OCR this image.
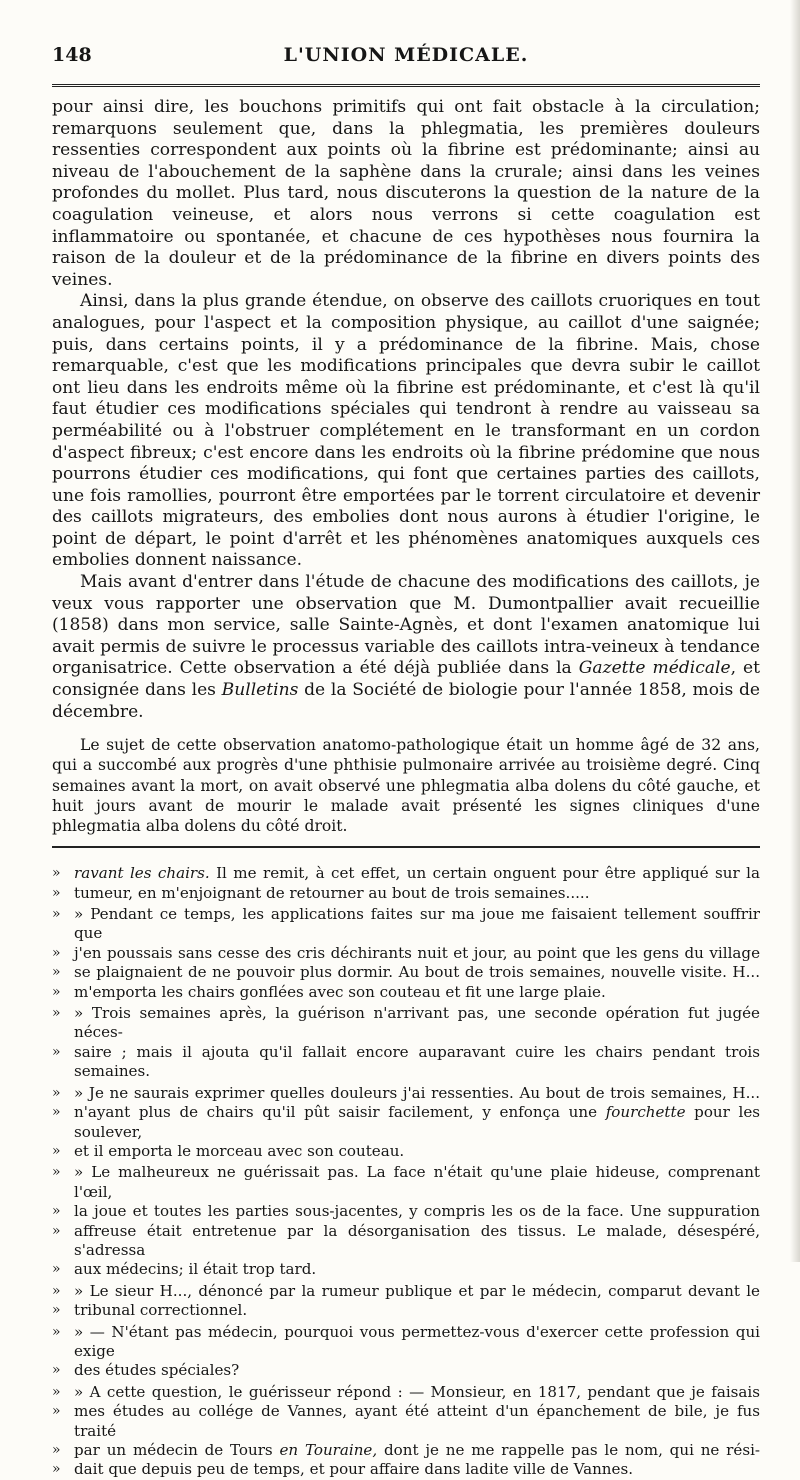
148	L'UNION MÉDICALE.

pour ainsi dire, les bouchons primitifs qui ont fait obstacle à la circulation; remarquons seulement que, dans la phlegmatia, les premières douleurs ressenties correspondent aux points où la fibrine est prédominante; ainsi au niveau de l'abouchement de la saphène dans la crurale; ainsi dans les veines profondes du mollet. Plus tard, nous discuterons la question de la nature de la coagulation veineuse, et alors nous verrons si cette coagulation est inflammatoire ou spontanée, et chacune de ces hypothèses nous fournira la raison de la douleur et de la prédominance de la fibrine en divers points des veines.

Ainsi, dans la plus grande étendue, on observe des caillots cruoriques en tout analogues, pour l'aspect et la composition physique, au caillot d'une saignée; puis, dans certains points, il y a prédominance de la fibrine. Mais, chose remarquable, c'est que les modifications principales que devra subir le caillot ont lieu dans les endroits même où la fibrine est prédominante, et c'est là qu'il faut étudier ces modifications spéciales qui tendront à rendre au vaisseau sa perméabilité ou à l'obstruer complétement en le transformant en un cordon d'aspect fibreux; c'est encore dans les endroits où la fibrine prédomine que nous pourrons étudier ces modifications, qui font que certaines parties des caillots, une fois ramollies, pourront être emportées par le torrent circulatoire et devenir des caillots migrateurs, des embolies dont nous aurons à étudier l'origine, le point de départ, le point d'arrêt et les phénomènes anatomiques auxquels ces embolies donnent naissance.

Mais avant d'entrer dans l'étude de chacune des modifications des caillots, je veux vous rapporter une observation que M. Dumontpallier avait recueillie (1858) dans mon service, salle Sainte-Agnès, et dont l'examen anatomique lui avait permis de suivre le processus variable des caillots intra-veineux à tendance organisatrice. Cette observation a été déjà publiée dans la Gazette médicale, et consignée dans les Bulletins de la Société de biologie pour l'année 1858, mois de décembre.

Le sujet de cette observation anatomo-pathologique était un homme âgé de 32 ans, qui a succombé aux progrès d'une phthisie pulmonaire arrivée au troisième degré. Cinq semaines avant la mort, on avait observé une phlegmatia alba dolens du côté gauche, et huit jours avant de mourir le malade avait présenté les signes cliniques d'une phlegmatia alba dolens du côté droit.
» ravant les chairs. Il me remit, à cet effet, un certain onguent pour être appliqué sur la
» tumeur, en m'enjoignant de retourner au bout de trois semaines.....
» » Pendant ce temps, les applications faites sur ma joue me faisaient tellement souffrir que
» j'en poussais sans cesse des cris déchirants nuit et jour, au point que les gens du village
» se plaignaient de ne pouvoir plus dormir. Au bout de trois semaines, nouvelle visite. H...
» m'emporta les chairs gonflées avec son couteau et fit une large plaie.
» » Trois semaines après, la guérison n'arrivant pas, une seconde opération fut jugée néces-
» saire ; mais il ajouta qu'il fallait encore auparavant cuire les chairs pendant trois semaines.
» » Je ne saurais exprimer quelles douleurs j'ai ressenties. Au bout de trois semaines, H...
» n'ayant plus de chairs qu'il pût saisir facilement, y enfonça une fourchette pour les soulever,
» et il emporta le morceau avec son couteau.
» » Le malheureux ne guérissait pas. La face n'était qu'une plaie hideuse, comprenant l'œil,
» la joue et toutes les parties sous-jacentes, y compris les os de la face. Une suppuration
» affreuse était entretenue par la désorganisation des tissus. Le malade, désespéré, s'adressa
» aux médecins; il était trop tard.
» » Le sieur H..., dénoncé par la rumeur publique et par le médecin, comparut devant le
» tribunal correctionnel.
» » — N'étant pas médecin, pourquoi vous permettez-vous d'exercer cette profession qui exige
» des études spéciales?
» » A cette question, le guérisseur répond : — Monsieur, en 1817, pendant que je faisais
» mes études au collége de Vannes, ayant été atteint d'un épanchement de bile, je fus traité
» par un médecin de Tours en Touraine, dont je ne me rappelle pas le nom, qui ne rési-
» dait que depuis peu de temps, et pour affaire dans ladite ville de Vannes.
